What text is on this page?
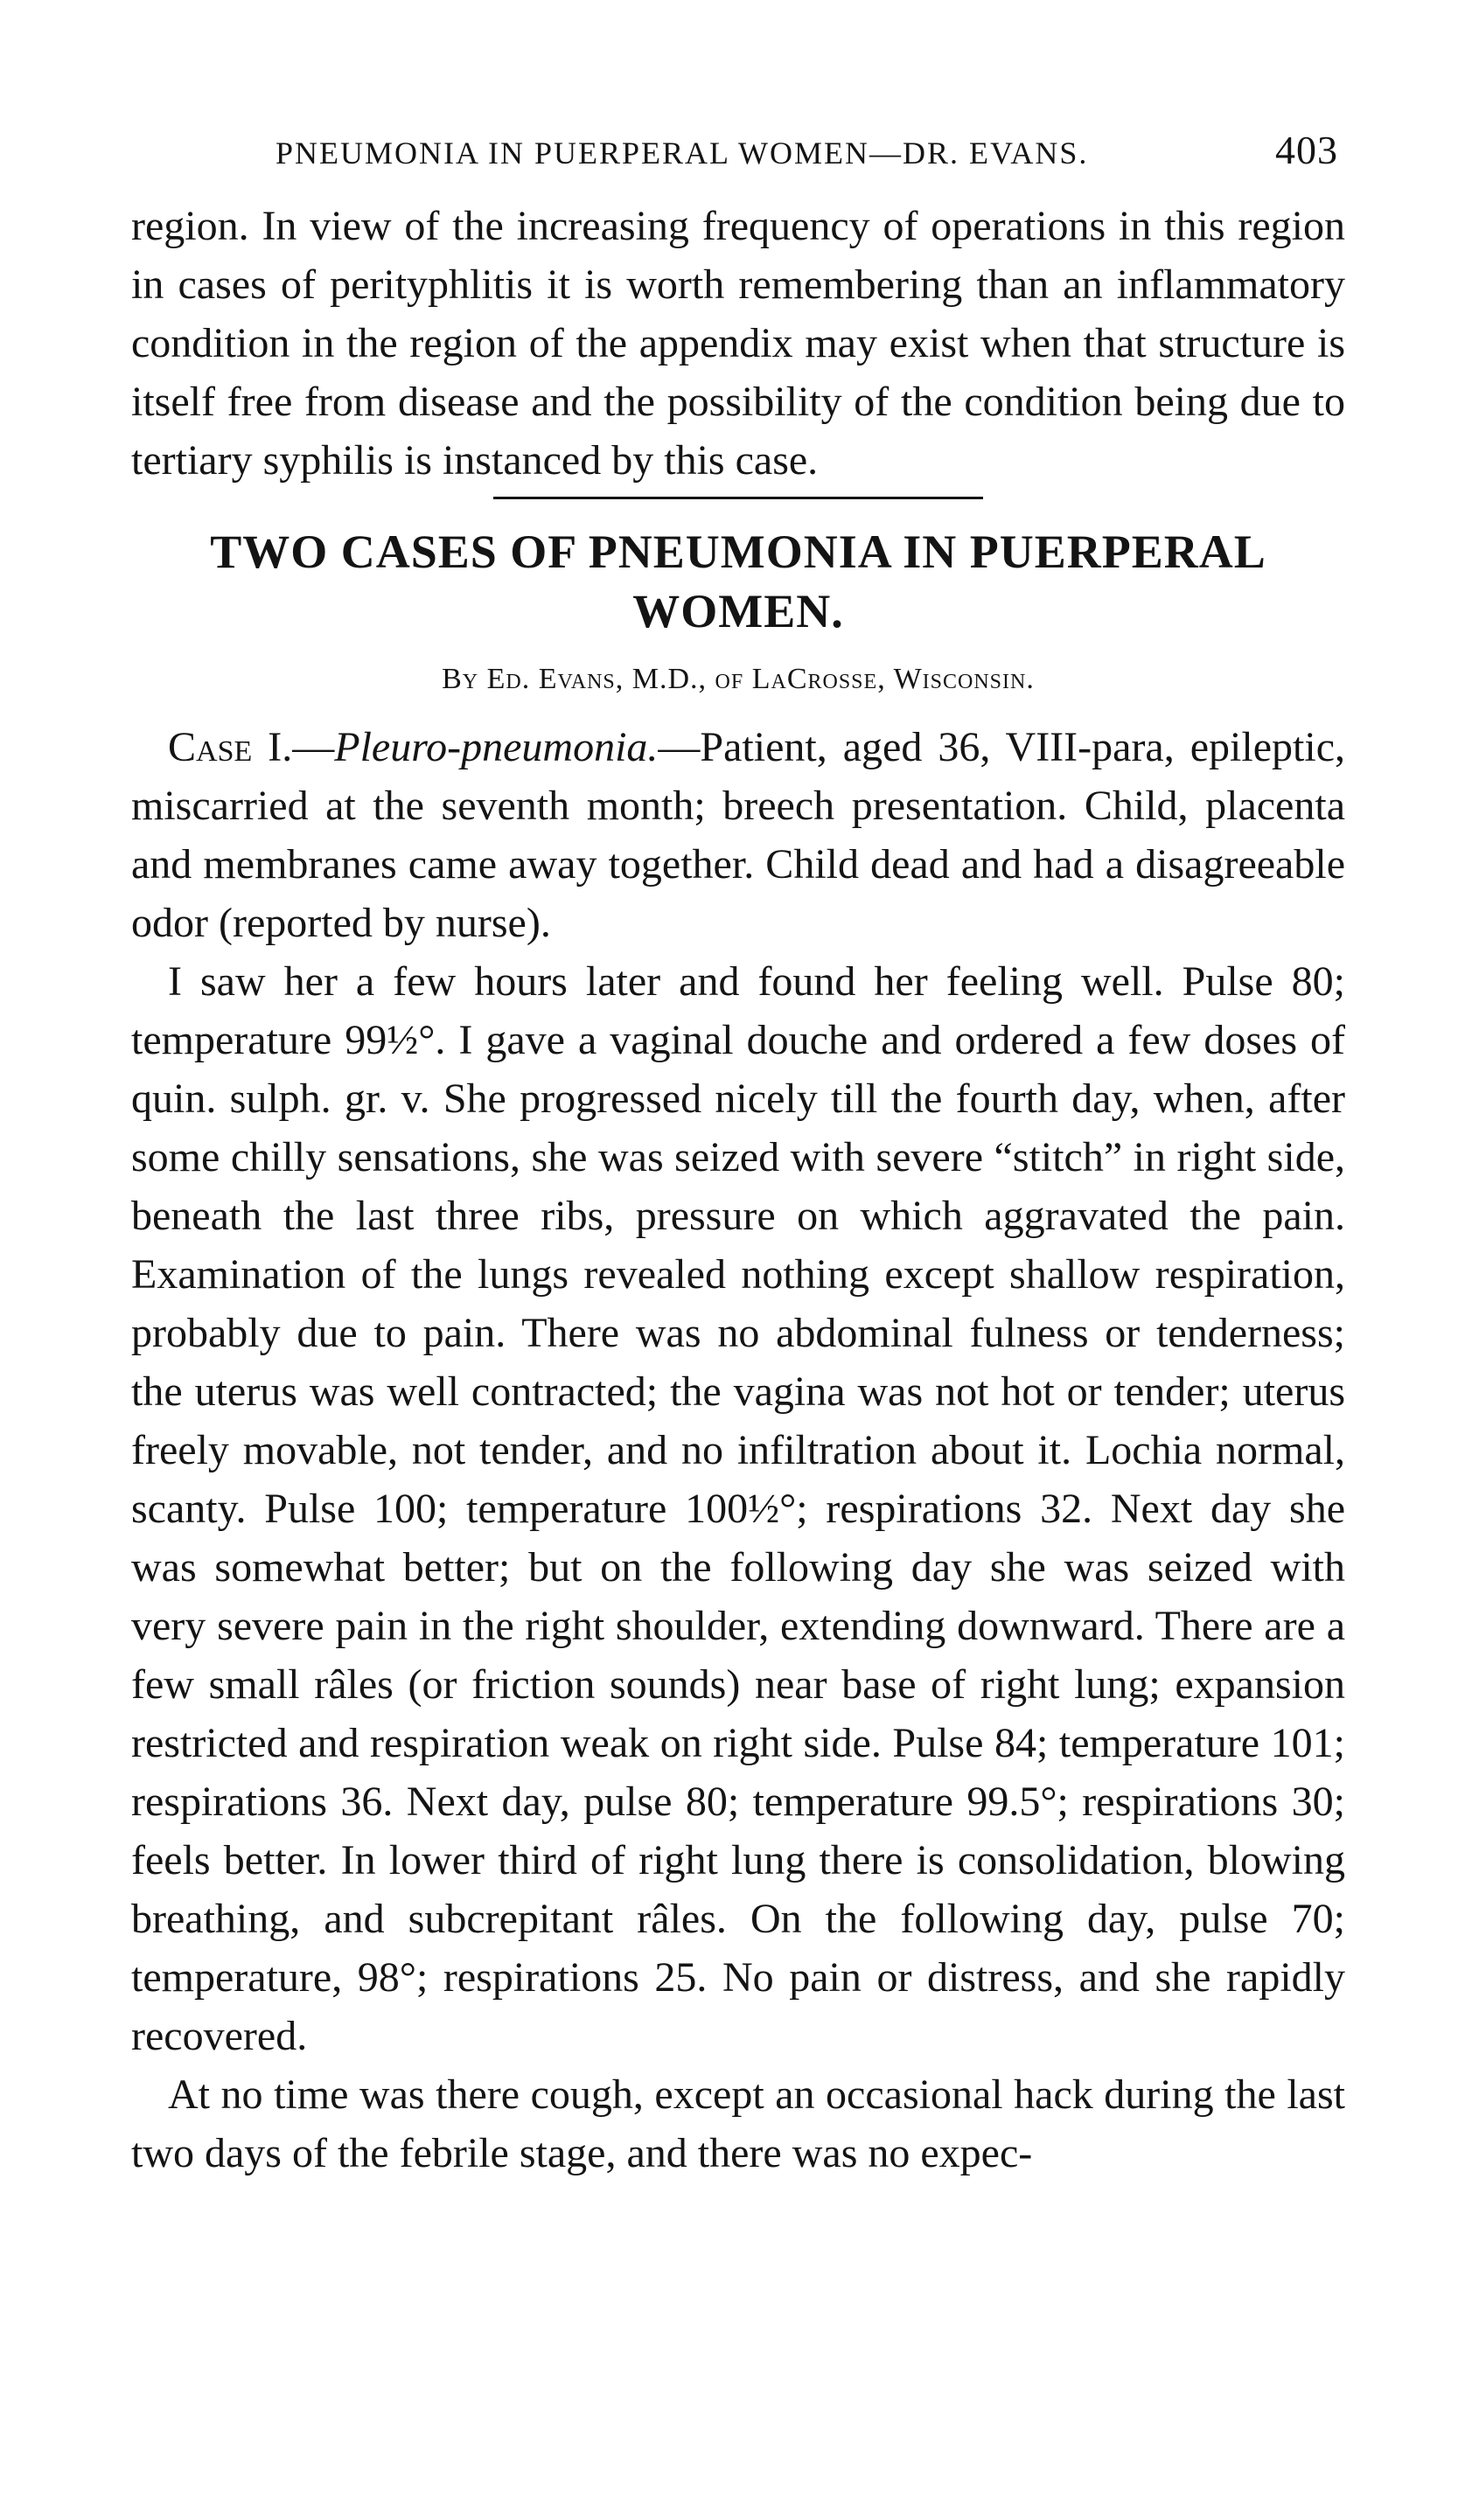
PNEUMONIA IN PUERPERAL WOMEN—DR. EVANS.	403

region. In view of the increasing frequency of operations in this region in cases of perityphlitis it is worth remembering than an inflammatory condition in the region of the appendix may exist when that structure is itself free from disease and the possibility of the condition being due to tertiary syphilis is instanced by this case.

TWO CASES OF PNEUMONIA IN PUERPERAL WOMEN.
By Ed. Evans, M.D., of LaCrosse, Wisconsin.

Case I.—Pleuro-pneumonia.—Patient, aged 36, VIII-para, epileptic, miscarried at the seventh month; breech presentation. Child, placenta and membranes came away together. Child dead and had a disagreeable odor (reported by nurse).

I saw her a few hours later and found her feeling well. Pulse 80; temperature 99½°. I gave a vaginal douche and ordered a few doses of quin. sulph. gr. v. She progressed nicely till the fourth day, when, after some chilly sensations, she was seized with severe “stitch” in right side, beneath the last three ribs, pressure on which aggravated the pain. Examination of the lungs revealed nothing except shallow respiration, probably due to pain. There was no abdominal fulness or tenderness; the uterus was well contracted; the vagina was not hot or tender; uterus freely movable, not tender, and no infiltration about it. Lochia normal, scanty. Pulse 100; temperature 100½°; respirations 32. Next day she was somewhat better; but on the following day she was seized with very severe pain in the right shoulder, extending downward. There are a few small râles (or friction sounds) near base of right lung; expansion restricted and respiration weak on right side. Pulse 84; temperature 101; respirations 36. Next day, pulse 80; temperature 99.5°; respirations 30; feels better. In lower third of right lung there is consolidation, blowing breathing, and subcrepitant râles. On the following day, pulse 70; temperature, 98°; respirations 25. No pain or distress, and she rapidly recovered.

At no time was there cough, except an occasional hack during the last two days of the febrile stage, and there was no expec-
